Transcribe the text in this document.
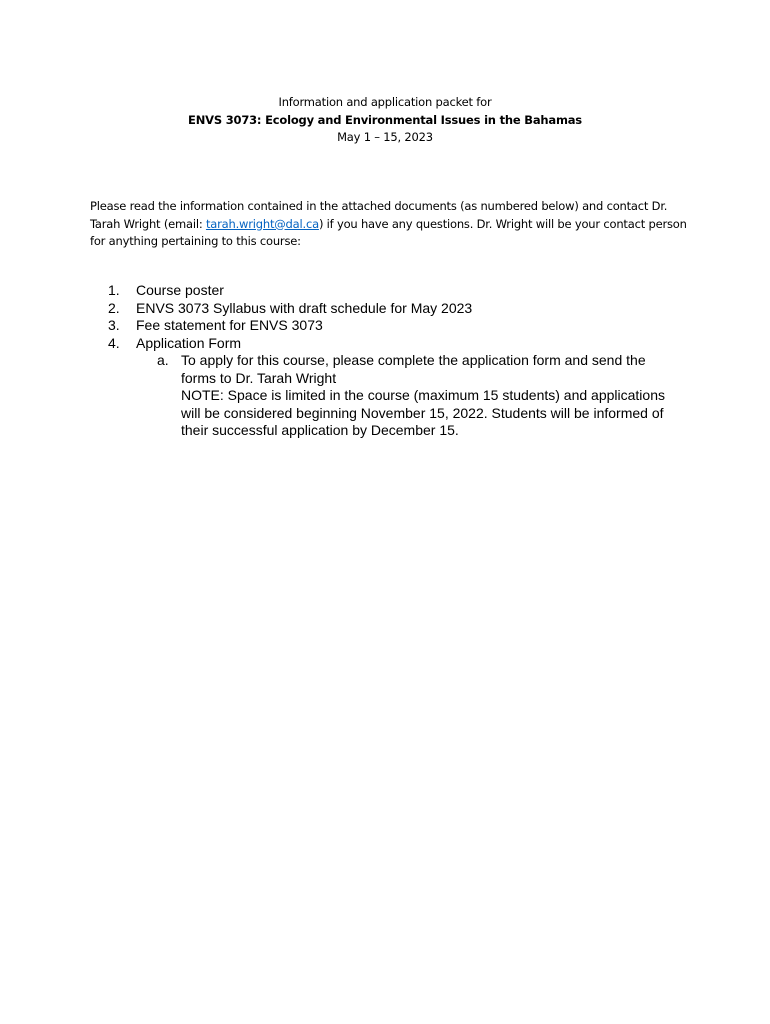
Information and application packet for
ENVS 3073: Ecology and Environmental Issues in the Bahamas
May 1 – 15, 2023
Please read the information contained in the attached documents (as numbered below) and contact Dr. Tarah Wright (email: tarah.wright@dal.ca) if you have any questions. Dr. Wright will be your contact person for anything pertaining to this course:
1.	Course poster
2.	ENVS 3073 Syllabus with draft schedule for May 2023
3.	Fee statement for ENVS 3073
4.	Application Form
a. To apply for this course, please complete the application form and send the forms to Dr. Tarah Wright

NOTE: Space is limited in the course (maximum 15 students) and applications will be considered beginning November 15, 2022. Students will be informed of their successful application by December 15.
